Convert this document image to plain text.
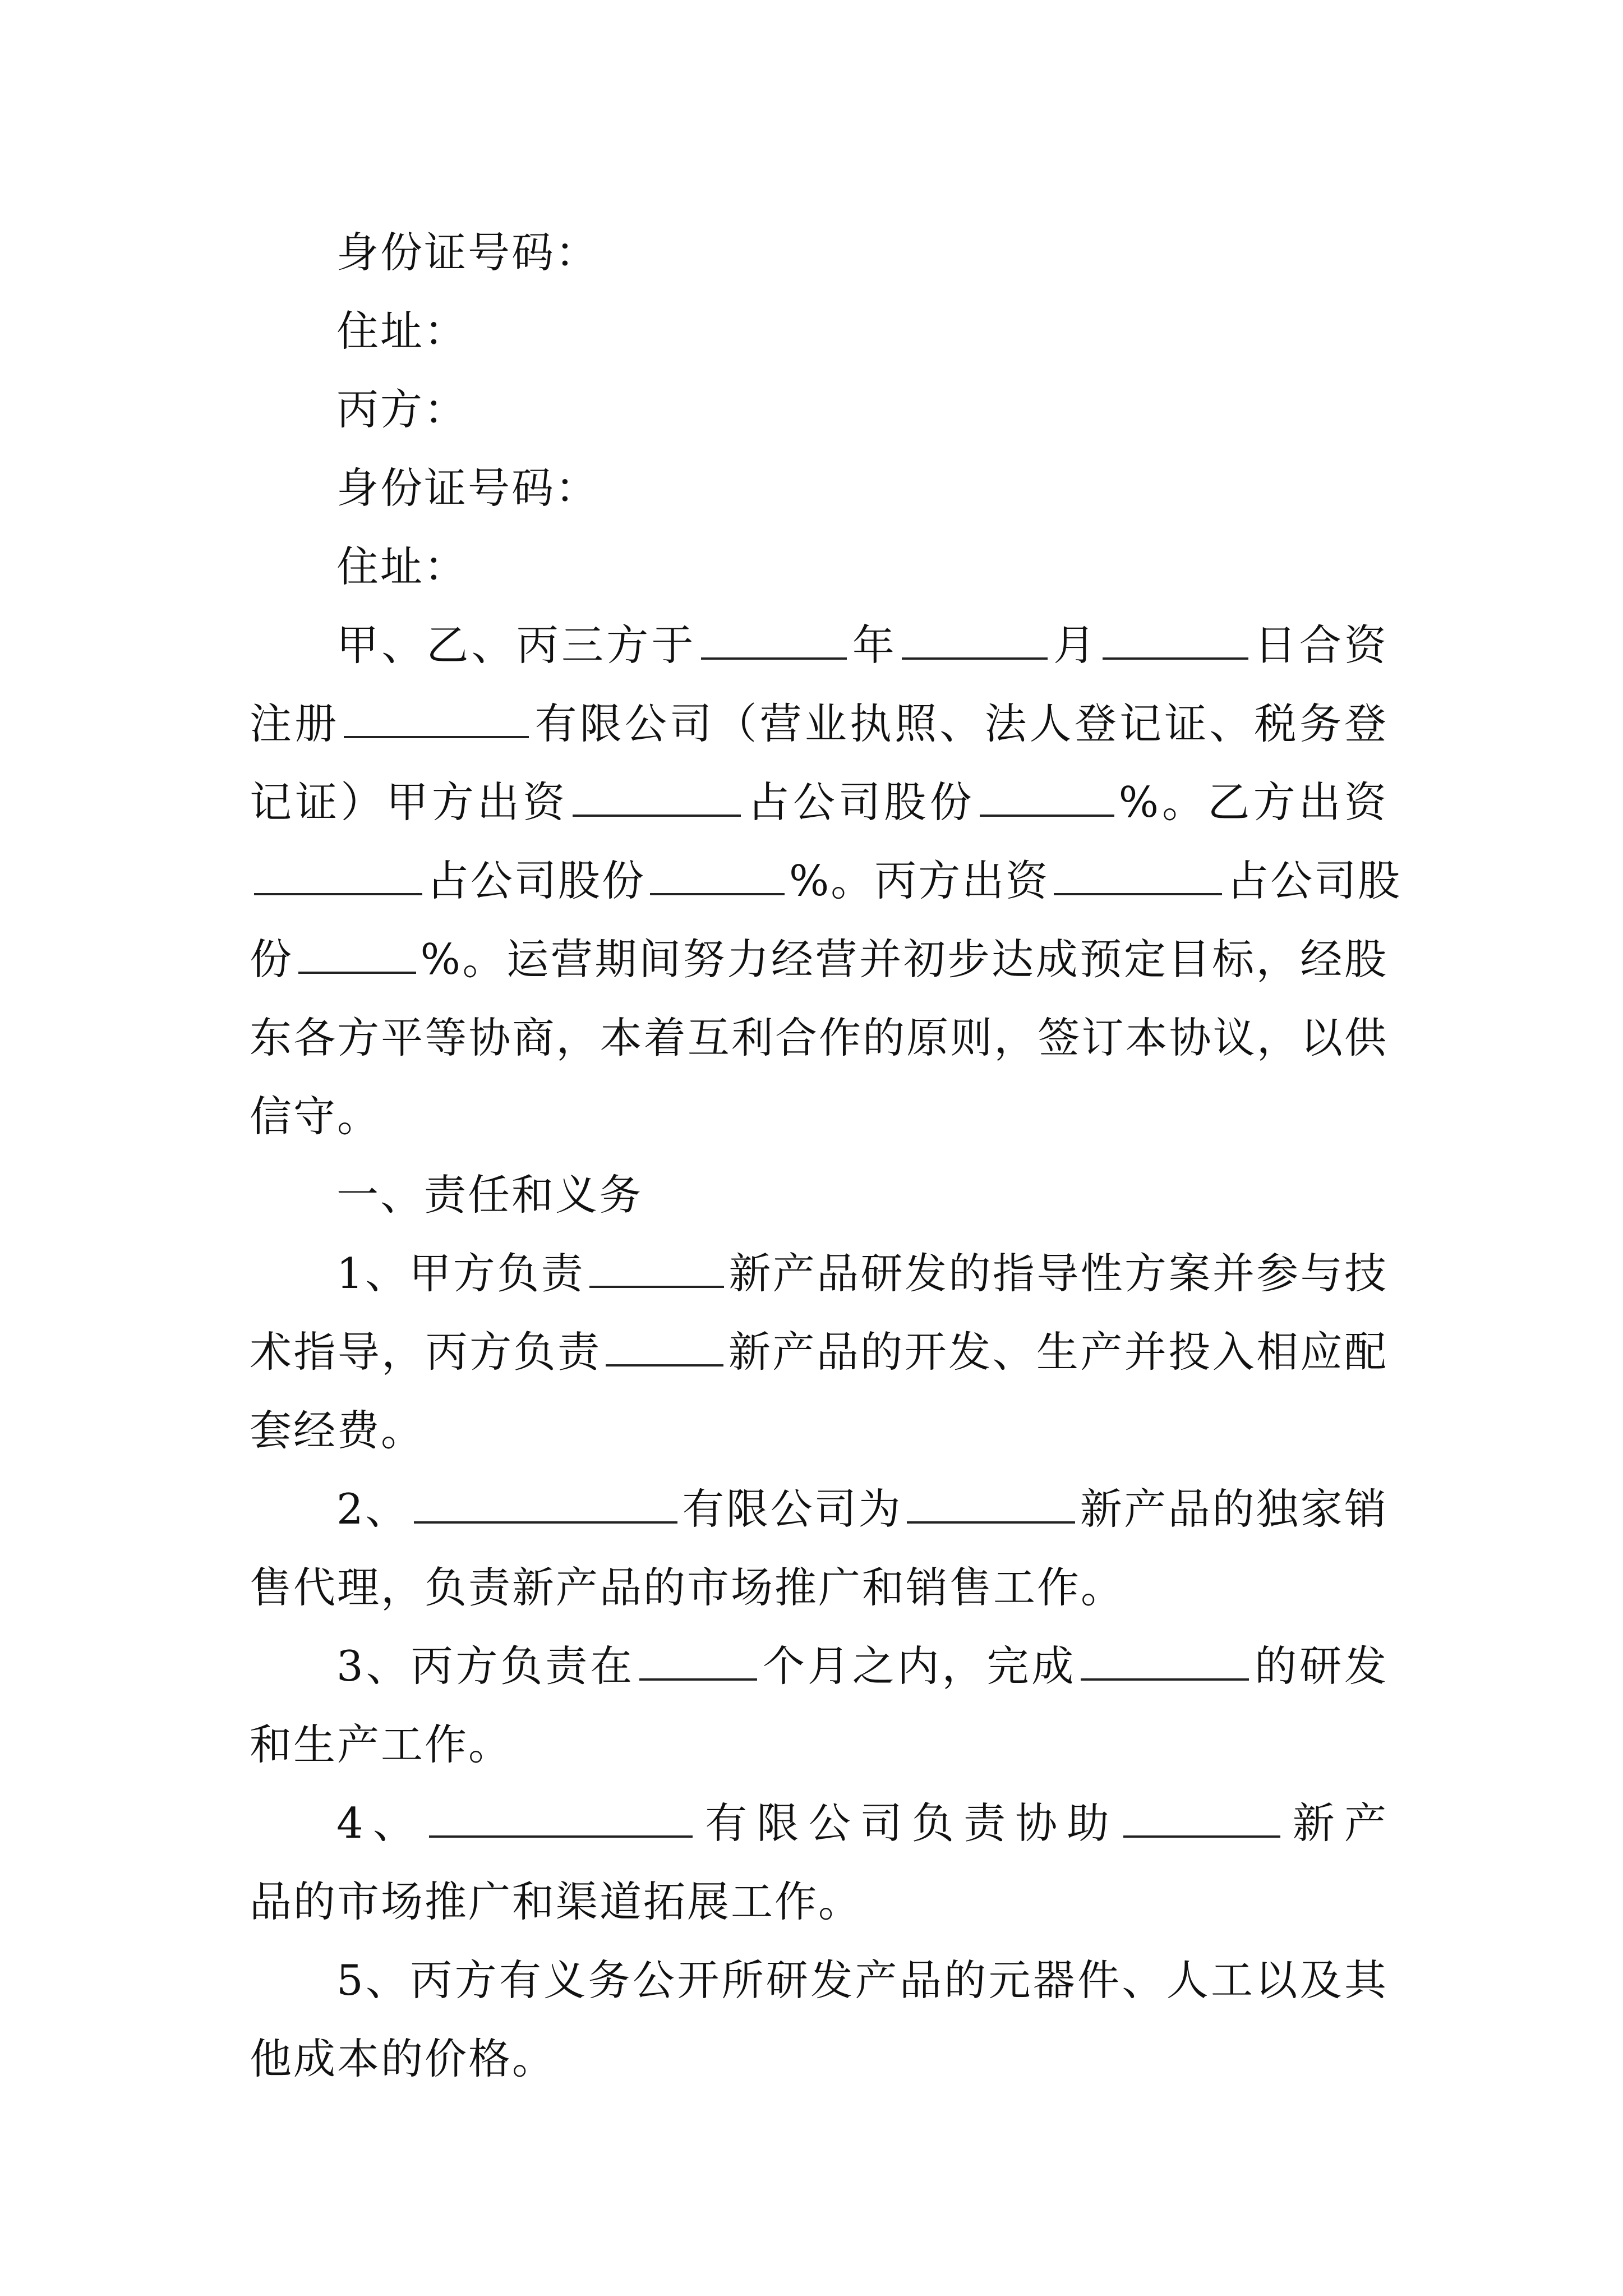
身份证号码：
住址：
丙方：
身份证号码：
住址：
甲、乙、丙三方于	年	月	日合资
注册	有限公司（营业执照、法人登记证、税务登
记证）甲方出资	占公司股份	%。乙方出资
占公司股份	%。丙方出资	占公司股
份	%。运营期间努力经营并初步达成预定目标，经股
东各方平等协商，本着互利合作的原则，签订本协议，以供
信守。
一、责任和义务
1、甲方负责	新产品研发的指导性方案并参与技
术指导，丙方负责	新产品的开发、生产并投入相应配
套经费。
2、	有限公司为	新产品的独家销
售代理，负责新产品的市场推广和销售工作。
3、丙方负责在	个月之内，完成	的研发
和生产工作。
4、	有限公司负责协助	新产
品的市场推广和渠道拓展工作。
5、丙方有义务公开所研发产品的元器件、人工以及其
他成本的价格。
